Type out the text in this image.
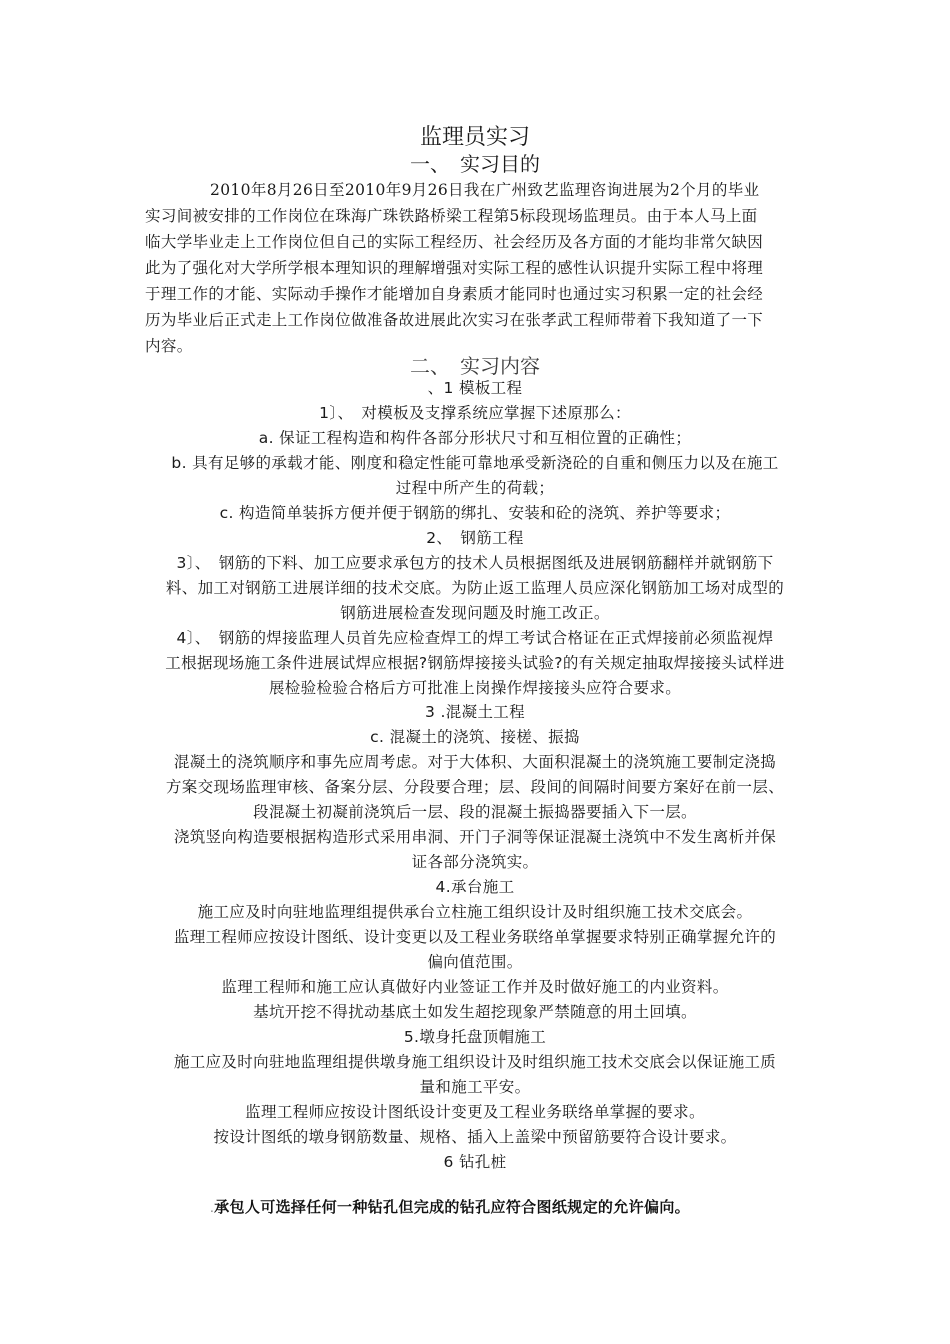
监理员实习
一、　实习目的
2010年8月26日至2010年9月26日我在广州致艺监理咨询进展为2个月的毕业
实习间被安排的工作岗位在珠海广珠铁路桥梁工程第5标段现场监理员。由于本人马上面
临大学毕业走上工作岗位但自己的实际工程经历、社会经历及各方面的才能均非常欠缺因
此为了强化对大学所学根本理知识的理解增强对实际工程的感性认识提升实际工程中将理
于理工作的才能、实际动手操作才能增加自身素质才能同时也通过实习积累一定的社会经
历为毕业后正式走上工作岗位做准备故进展此次实习在张孝武工程师带着下我知道了一下
内容。
二、　实习内容
、1 模板工程
1〕、　对模板及支撑系统应掌握下述原那么：
a. 保证工程构造和构件各部分形状尺寸和互相位置的正确性；
b. 具有足够的承载才能、刚度和稳定性能可靠地承受新浇砼的自重和侧压力以及在施工
过程中所产生的荷载；
c. 构造简单装拆方便并便于钢筋的绑扎、安装和砼的浇筑、养护等要求；
2、　钢筋工程
3〕、　钢筋的下料、加工应要求承包方的技术人员根据图纸及进展钢筋翻样并就钢筋下
料、加工对钢筋工进展详细的技术交底。为防止返工监理人员应深化钢筋加工场对成型的
钢筋进展检查发现问题及时施工改正。
4〕、　钢筋的焊接监理人员首先应检查焊工的焊工考试合格证在正式焊接前必须监视焊
工根据现场施工条件进展试焊应根据?钢筋焊接接头试验?的有关规定抽取焊接接头试样进
展检验检验合格后方可批准上岗操作焊接接头应符合要求。
3 .混凝土工程
c. 混凝土的浇筑、接槎、振捣
混凝土的浇筑顺序和事先应周考虑。对于大体积、大面积混凝土的浇筑施工要制定浇捣
方案交现场监理审核、备案分层、分段要合理；层、段间的间隔时间要方案好在前一层、
段混凝土初凝前浇筑后一层、段的混凝土振捣器要插入下一层。
浇筑竖向构造要根据构造形式采用串洞、开门子洞等保证混凝土浇筑中不发生离析并保
证各部分浇筑实。
4.承台施工
施工应及时向驻地监理组提供承台立柱施工组织设计及时组织施工技术交底会。
监理工程师应按设计图纸、设计变更以及工程业务联络单掌握要求特别正确掌握允许的
偏向值范围。
监理工程师和施工应认真做好内业签证工作并及时做好施工的内业资料。
基坑开挖不得扰动基底土如发生超挖现象严禁随意的用土回填。
5.墩身托盘顶帽施工
施工应及时向驻地监理组提供墩身施工组织设计及时组织施工技术交底会以保证施工质
量和施工平安。
监理工程师应按设计图纸设计变更及工程业务联络单掌握的要求。
按设计图纸的墩身钢筋数量、规格、插入上盖梁中预留筋要符合设计要求。
6 钻孔桩
.承包人可选择任何一种钻孔但完成的钻孔应符合图纸规定的允许偏向。
